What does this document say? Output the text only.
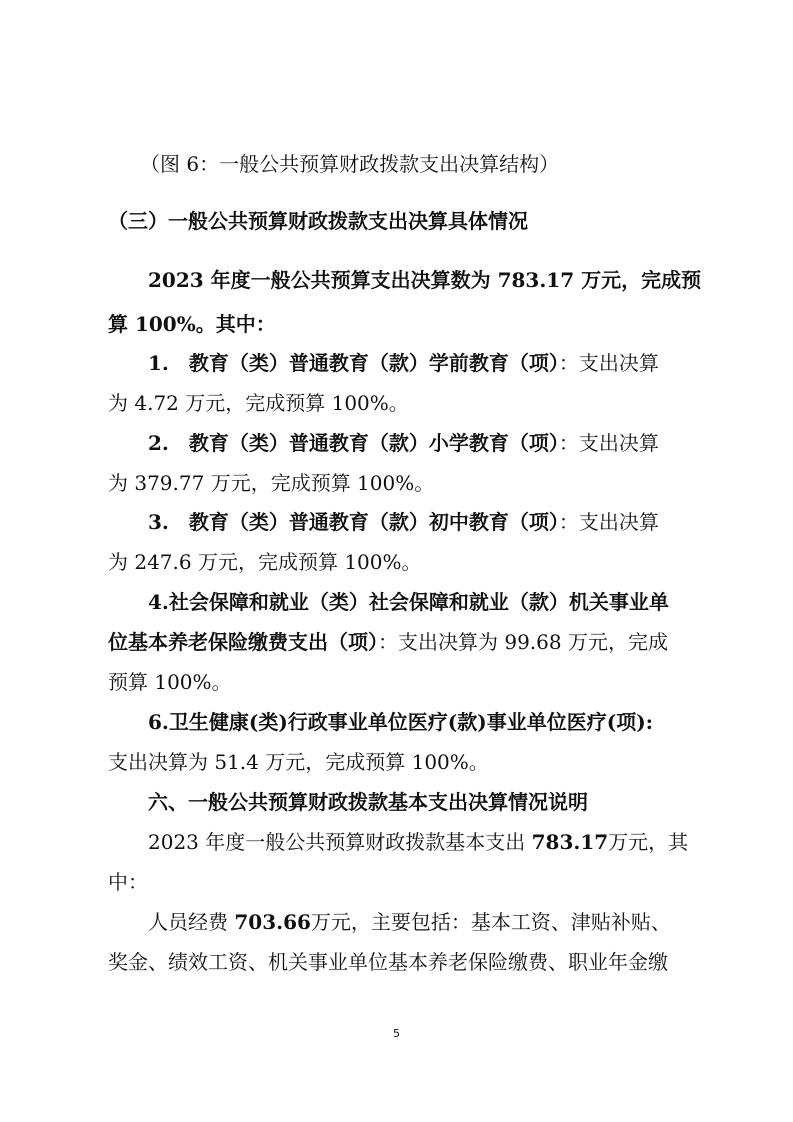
（图 6：一般公共预算财政拨款支出决算结构）
（三）一般公共预算财政拨款支出决算具体情况
2023 年度一般公共预算支出决算数为 783.17 万元，完成预
算 100%。其中：
1.　教育（类）普通教育（款）学前教育（项）：支出决算
为 4.72 万元，完成预算 100%。
2.　教育（类）普通教育（款）小学教育（项）：支出决算
为 379.77 万元，完成预算 100%。
3.　教育（类）普通教育（款）初中教育（项）：支出决算
为 247.6 万元，完成预算 100%。
4.社会保障和就业（类）社会保障和就业（款）机关事业单
位基本养老保险缴费支出（项）：支出决算为 99.68 万元，完成
预算 100%。
6.卫生健康(类)行政事业单位医疗(款)事业单位医疗(项):
支出决算为 51.4 万元，完成预算 100%。
六、一般公共预算财政拨款基本支出决算情况说明
2023 年度一般公共预算财政拨款基本支出 783.17万元，其
中：
人员经费 703.66万元，主要包括：基本工资、津贴补贴、
奖金、绩效工资、机关事业单位基本养老保险缴费、职业年金缴
5
